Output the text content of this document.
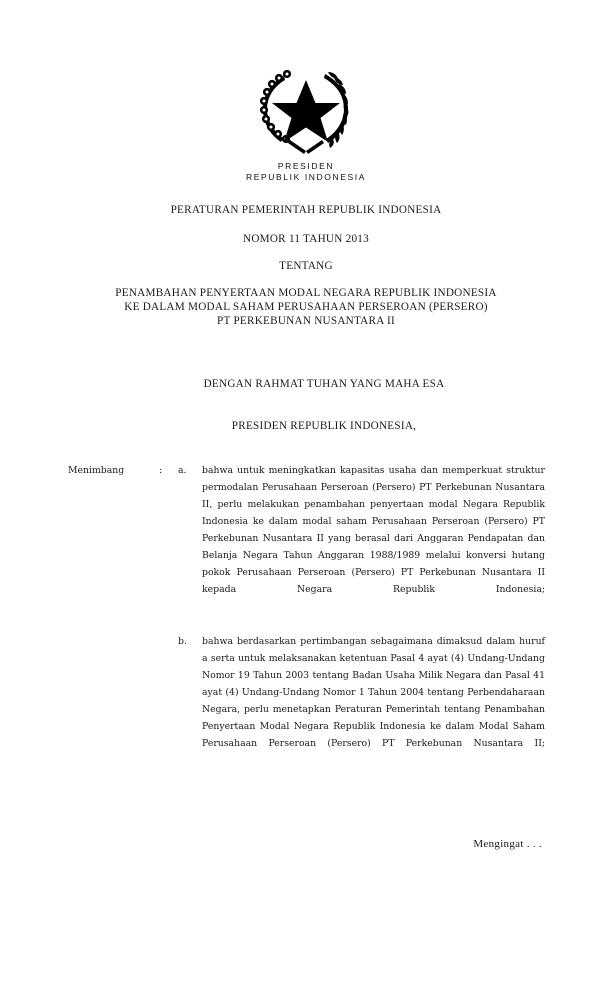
PRESIDEN
REPUBLIK INDONESIA
PERATURAN PEMERINTAH REPUBLIK INDONESIA
NOMOR 11 TAHUN 2013
TENTANG
PENAMBAHAN PENYERTAAN MODAL NEGARA REPUBLIK INDONESIA
KE DALAM MODAL SAHAM PERUSAHAAN PERSEROAN (PERSERO)
PT PERKEBUNAN NUSANTARA II
DENGAN RAHMAT TUHAN YANG MAHA ESA
PRESIDEN REPUBLIK INDONESIA,
Menimbang	: a. bahwa untuk meningkatkan kapasitas usaha dan memperkuat struktur permodalan Perusahaan Perseroan (Persero) PT Perkebunan Nusantara II, perlu melakukan penambahan penyertaan modal Negara Republik Indonesia ke dalam modal saham Perusahaan Perseroan (Persero) PT Perkebunan Nusantara II yang berasal dari Anggaran Pendapatan dan Belanja Negara Tahun Anggaran 1988/1989 melalui konversi hutang pokok Perusahaan Perseroan (Persero) PT Perkebunan Nusantara II kepada Negara Republik Indonesia;
b. bahwa berdasarkan pertimbangan sebagaimana dimaksud dalam huruf a serta untuk melaksanakan ketentuan Pasal 4 ayat (4) Undang-Undang Nomor 19 Tahun 2003 tentang Badan Usaha Milik Negara dan Pasal 41 ayat (4) Undang-Undang Nomor 1 Tahun 2004 tentang Perbendaharaan Negara, perlu menetapkan Peraturan Pemerintah tentang Penambahan Penyertaan Modal Negara Republik Indonesia ke dalam Modal Saham Perusahaan Perseroan (Persero) PT Perkebunan Nusantara II;
Mengingat . . .
